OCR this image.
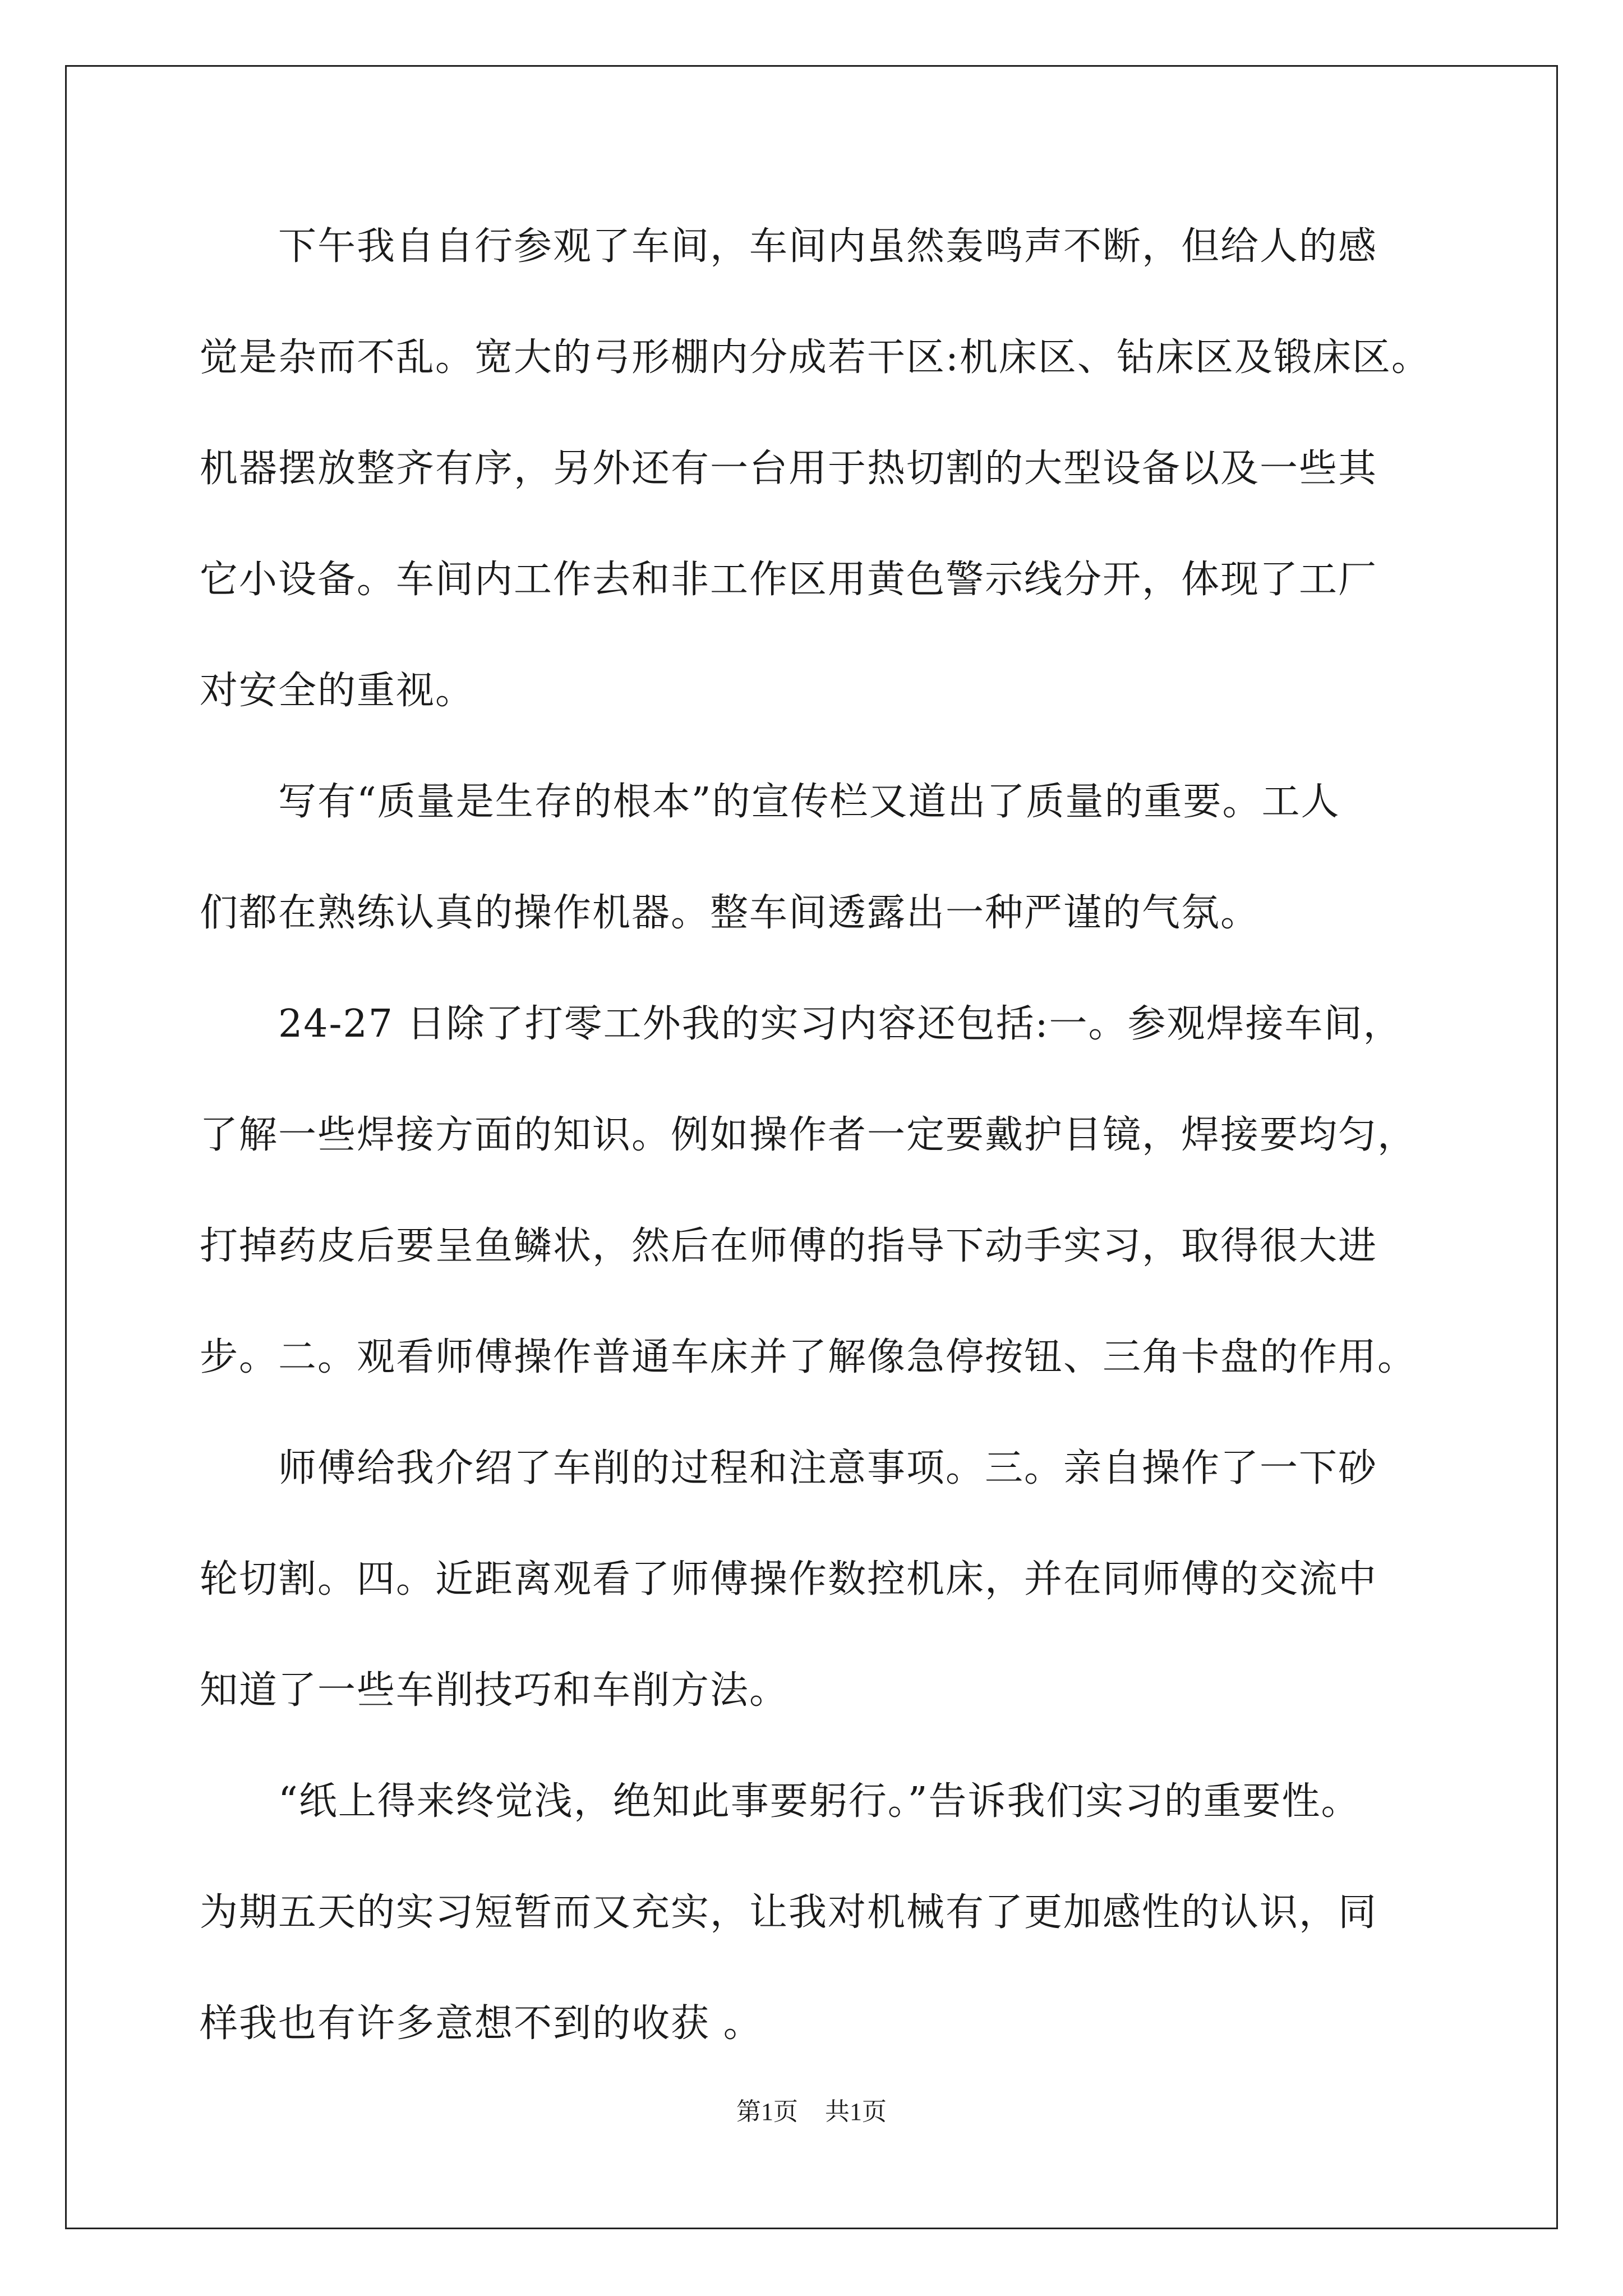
下午我自自行参观了车间，车间内虽然轰鸣声不断，但给人的感
觉是杂而不乱。宽大的弓形棚内分成若干区:机床区、钻床区及锻床区。
机器摆放整齐有序，另外还有一台用于热切割的大型设备以及一些其
它小设备。车间内工作去和非工作区用黄色警示线分开，体现了工厂
对安全的重视。
写有“质量是生存的根本”的宣传栏又道出了质量的重要。工人
们都在熟练认真的操作机器。整车间透露出一种严谨的气氛。
24-27 日除了打零工外我的实习内容还包括:一。参观焊接车间，
了解一些焊接方面的知识。例如操作者一定要戴护目镜，焊接要均匀，
打掉药皮后要呈鱼鳞状，然后在师傅的指导下动手实习，取得很大进
步。二。观看师傅操作普通车床并了解像急停按钮、三角卡盘的作用。
师傅给我介绍了车削的过程和注意事项。三。亲自操作了一下砂
轮切割。四。近距离观看了师傅操作数控机床，并在同师傅的交流中
知道了一些车削技巧和车削方法。
“纸上得来终觉浅，绝知此事要躬行。”告诉我们实习的重要性。
为期五天的实习短暂而又充实，让我对机械有了更加感性的认识，同
样我也有许多意想不到的收获 。
第1页 共1页
